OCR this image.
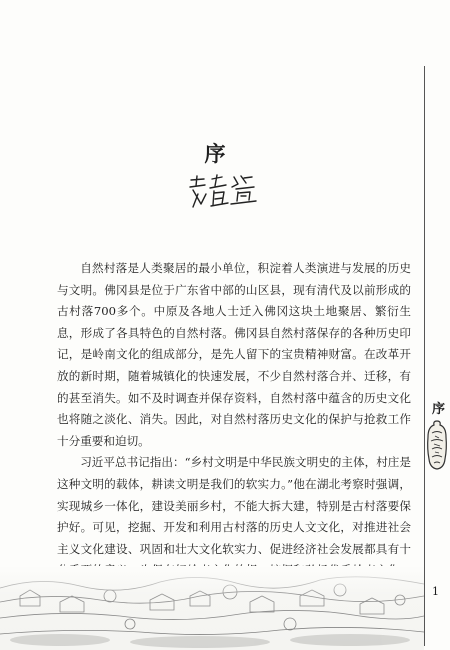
序

自然村落是人类聚居的最小单位，积淀着人类演进与发展的历史与文明。佛冈县是位于广东省中部的山区县，现有清代及以前形成的古村落700多个。中原及各地人士迁入佛冈这块土地聚居、繁衍生息，形成了各具特色的自然村落。佛冈县自然村落保存的各种历史印记，是岭南文化的组成部分，是先人留下的宝贵精神财富。在改革开放的新时期，随着城镇化的快速发展，不少自然村落合并、迁移，有的甚至消失。如不及时调查并保存资料，自然村落中蕴含的历史文化也将随之淡化、消失。因此，对自然村落历史文化的保护与抢救工作十分重要和迫切。

习近平总书记指出：“乡村文明是中华民族文明史的主体，村庄是这种文明的载体，耕读文明是我们的软实力。”他在湖北考察时强调，实现城乡一体化，建设美丽乡村，不能大拆大建，特别是古村落要保护好。可见，挖掘、开发和利用古村落的历史人文文化，对推进社会主义文化建设、巩固和壮大文化软实力、促进经济社会发展都具有十

序
1
